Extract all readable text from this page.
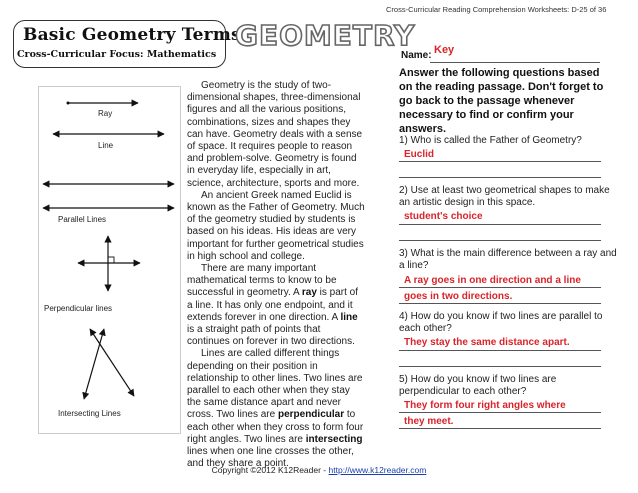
Cross-Curricular Reading Comprehension Worksheets: D-25 of 36
Basic Geometry Terms
Cross-Curricular Focus: Mathematics
GEOMETRY
Name: Key
Answer the following questions based on the reading passage. Don't forget to go back to the passage whenever necessary to find or confirm your answers.
Ray
Line
Parallel Lines
Perpendicular lines
Intersecting Lines

Geometry is the study of two-dimensional shapes, three-dimensional figures and all the various positions, combinations, sizes and shapes they can have. Geometry deals with a sense of space. It requires people to reason and problem-solve. Geometry is found in everyday life, especially in art, science, architecture, sports and more.

An ancient Greek named Euclid is known as the Father of Geometry. Much of the geometry studied by students is based on his ideas. His ideas are very important for further geometrical studies in high school and college.

There are many important mathematical terms to know to be successful in geometry. A ray is part of a line. It has only one endpoint, and it extends forever in one direction. A line is a straight path of points that continues on forever in two directions.

Lines are called different things depending on their position in relationship to other lines. Two lines are parallel to each other when they stay the same distance apart and never cross. Two lines are perpendicular to each other when they cross to form four right angles. Two lines are intersecting lines when one line crosses the other, and they share a point.

1) Who is called the Father of Geometry?
Euclid
2) Use at least two geometrical shapes to make an artistic design in this space.
student's choice
3) What is the main difference between a ray and a line?
A ray goes in one direction and a line
goes in two directions.
4) How do you know if two lines are parallel to each other?
They stay the same distance apart.
5) How do you know if two lines are perpendicular to each other?
They form four right angles where
they meet.
Copyright ©2012 K12Reader - http://www.k12reader.com
